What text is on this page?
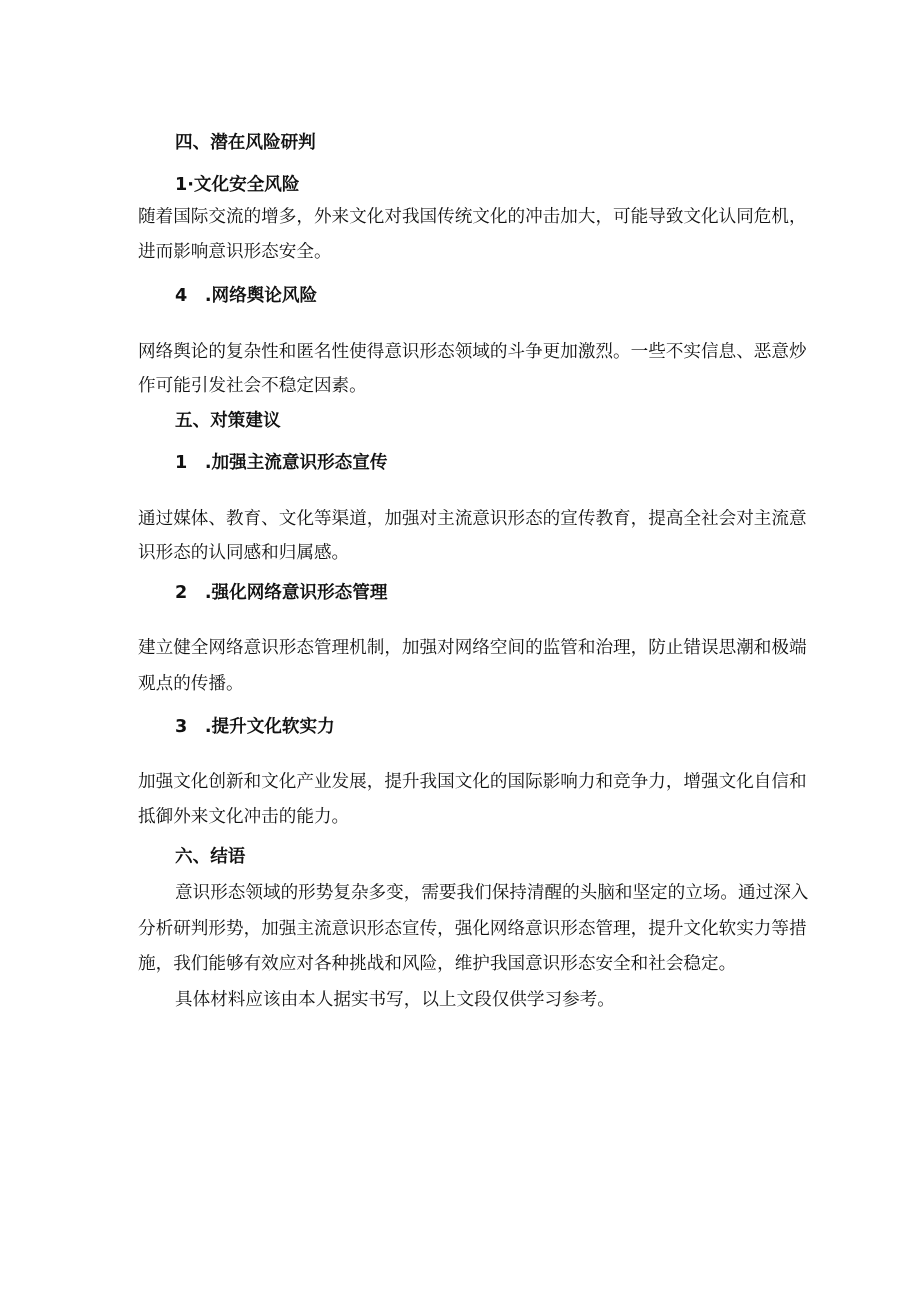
四、潜在风险研判
1·文化安全风险
随着国际交流的增多，外来文化对我国传统文化的冲击加大，可能导致文化认同危机，
进而影响意识形态安全。
4 .网络舆论风险
网络舆论的复杂性和匿名性使得意识形态领域的斗争更加激烈。一些不实信息、恶意炒
作可能引发社会不稳定因素。
五、对策建议
1 .加强主流意识形态宣传
通过媒体、教育、文化等渠道，加强对主流意识形态的宣传教育，提高全社会对主流意
识形态的认同感和归属感。
2 .强化网络意识形态管理
建立健全网络意识形态管理机制，加强对网络空间的监管和治理，防止错误思潮和极端
观点的传播。
3 .提升文化软实力
加强文化创新和文化产业发展，提升我国文化的国际影响力和竞争力，增强文化自信和
抵御外来文化冲击的能力。
六、结语
意识形态领域的形势复杂多变，需要我们保持清醒的头脑和坚定的立场。通过深入
分析研判形势，加强主流意识形态宣传，强化网络意识形态管理，提升文化软实力等措
施，我们能够有效应对各种挑战和风险，维护我国意识形态安全和社会稳定。
具体材料应该由本人据实书写，以上文段仅供学习参考。
